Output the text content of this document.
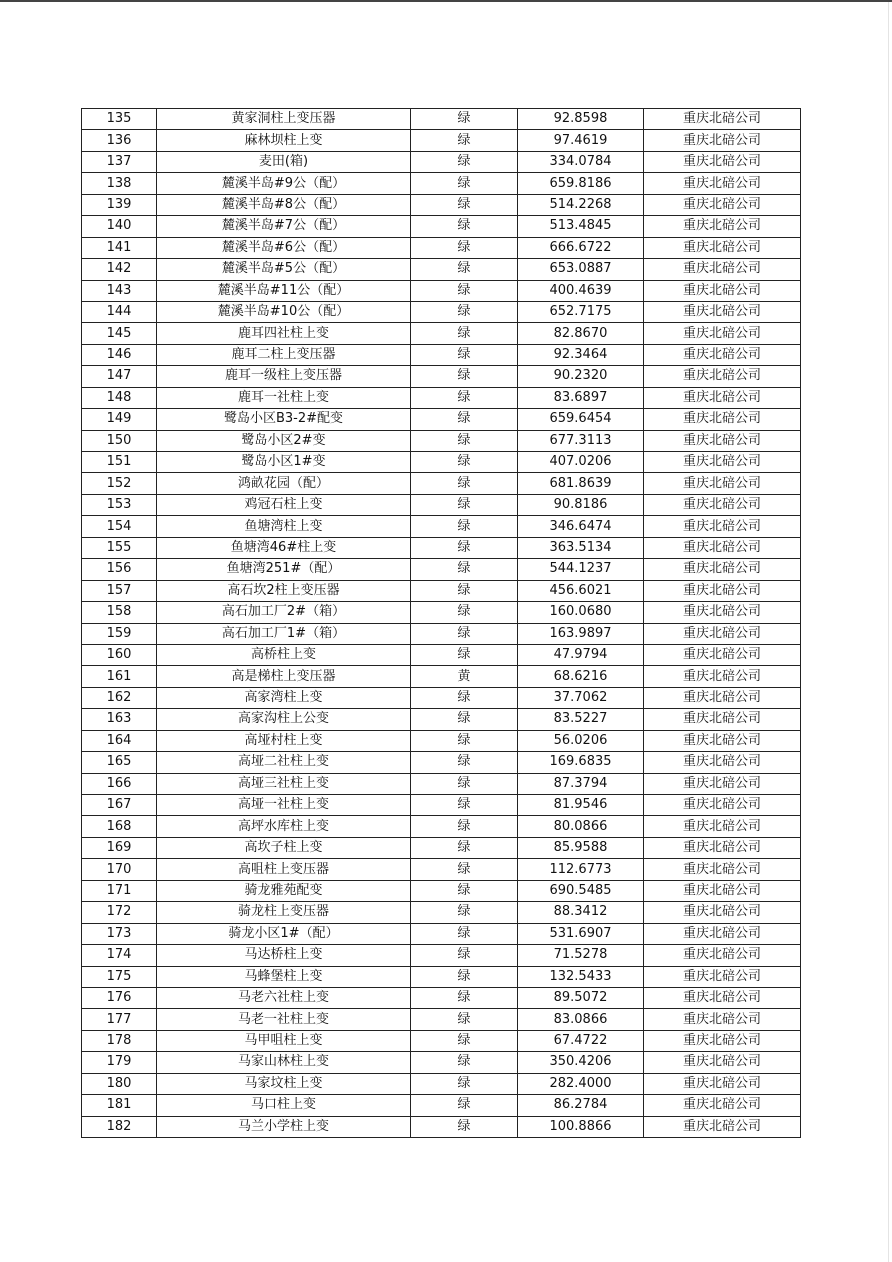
135	黄家洞柱上变压器	绿	92.8598	重庆北碚公司
136	麻林坝柱上变	绿	97.4619	重庆北碚公司
137	麦田(箱)	绿	334.0784	重庆北碚公司
138	麓溪半岛#9公（配）	绿	659.8186	重庆北碚公司
139	麓溪半岛#8公（配）	绿	514.2268	重庆北碚公司
140	麓溪半岛#7公（配）	绿	513.4845	重庆北碚公司
141	麓溪半岛#6公（配）	绿	666.6722	重庆北碚公司
142	麓溪半岛#5公（配）	绿	653.0887	重庆北碚公司
143	麓溪半岛#11公（配）	绿	400.4639	重庆北碚公司
144	麓溪半岛#10公（配）	绿	652.7175	重庆北碚公司
145	鹿耳四社柱上变	绿	82.8670	重庆北碚公司
146	鹿耳二柱上变压器	绿	92.3464	重庆北碚公司
147	鹿耳一级柱上变压器	绿	90.2320	重庆北碚公司
148	鹿耳一社柱上变	绿	83.6897	重庆北碚公司
149	鹭岛小区B3-2#配变	绿	659.6454	重庆北碚公司
150	鹭岛小区2#变	绿	677.3113	重庆北碚公司
151	鹭岛小区1#变	绿	407.0206	重庆北碚公司
152	鸿畝花园（配）	绿	681.8639	重庆北碚公司
153	鸡冠石柱上变	绿	90.8186	重庆北碚公司
154	鱼塘湾柱上变	绿	346.6474	重庆北碚公司
155	鱼塘湾46#柱上变	绿	363.5134	重庆北碚公司
156	鱼塘湾251#（配）	绿	544.1237	重庆北碚公司
157	高石坎2柱上变压器	绿	456.6021	重庆北碚公司
158	高石加工厂2#（箱）	绿	160.0680	重庆北碚公司
159	高石加工厂1#（箱）	绿	163.9897	重庆北碚公司
160	高桥柱上变	绿	47.9794	重庆北碚公司
161	高是梯柱上变压器	黄	68.6216	重庆北碚公司
162	高家湾柱上变	绿	37.7062	重庆北碚公司
163	高家沟柱上公变	绿	83.5227	重庆北碚公司
164	高垭村柱上变	绿	56.0206	重庆北碚公司
165	高垭二社柱上变	绿	169.6835	重庆北碚公司
166	高垭三社柱上变	绿	87.3794	重庆北碚公司
167	高垭一社柱上变	绿	81.9546	重庆北碚公司
168	高坪水库柱上变	绿	80.0866	重庆北碚公司
169	高坎子柱上变	绿	85.9588	重庆北碚公司
170	高咀柱上变压器	绿	112.6773	重庆北碚公司
171	骑龙雅苑配变	绿	690.5485	重庆北碚公司
172	骑龙柱上变压器	绿	88.3412	重庆北碚公司
173	骑龙小区1#（配）	绿	531.6907	重庆北碚公司
174	马达桥柱上变	绿	71.5278	重庆北碚公司
175	马蜂堡柱上变	绿	132.5433	重庆北碚公司
176	马老六社柱上变	绿	89.5072	重庆北碚公司
177	马老一社柱上变	绿	83.0866	重庆北碚公司
178	马甲咀柱上变	绿	67.4722	重庆北碚公司
179	马家山林柱上变	绿	350.4206	重庆北碚公司
180	马家坟柱上变	绿	282.4000	重庆北碚公司
181	马口柱上变	绿	86.2784	重庆北碚公司
182	马兰小学柱上变	绿	100.8866	重庆北碚公司
